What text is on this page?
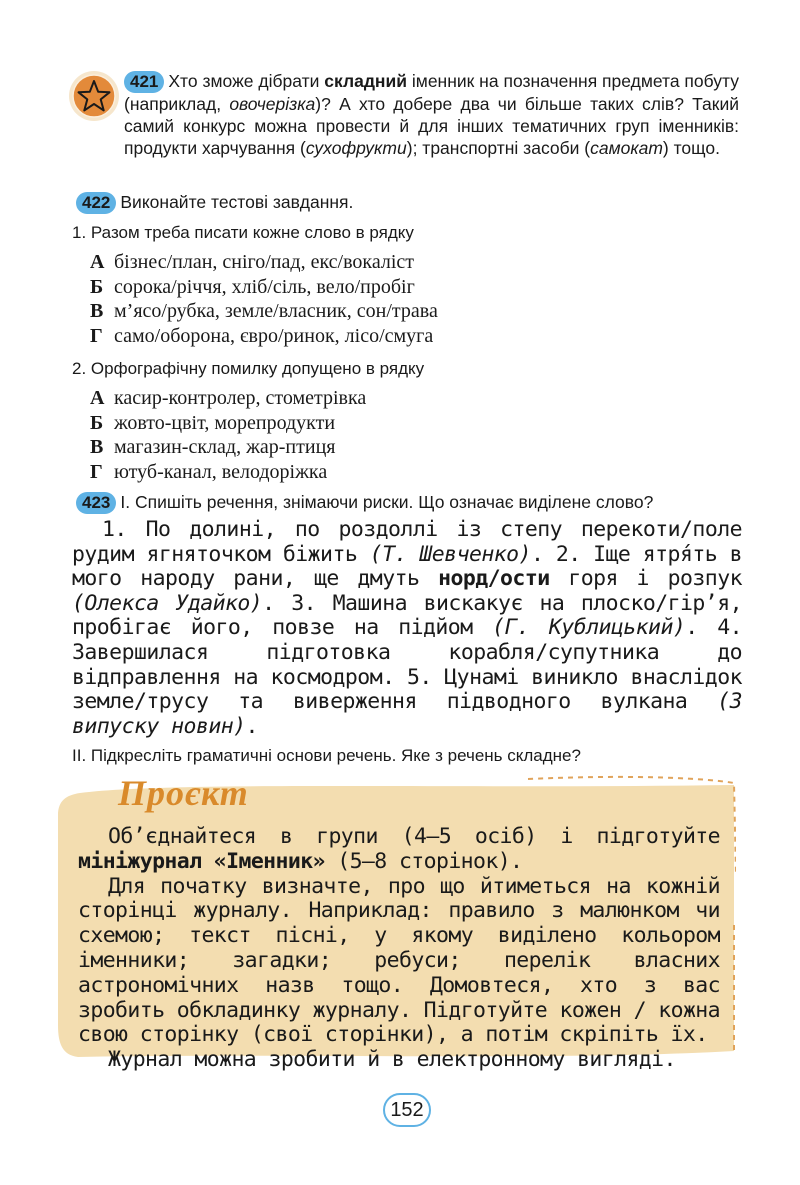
421 Хто зможе дібрати складний іменник на позначення предмета побуту (наприклад, овочерізка)? А хто добере два чи більше таких слів? Такий самий конкурс можна провести й для інших тематичних груп іменників: продукти харчування (сухофрукти); транспортні засоби (самокат) тощо.
422 Виконайте тестові завдання.
1. Разом треба писати кожне слово в рядку
А бізнес/план, сніго/пад, екс/вокаліст
Б сорока/річчя, хліб/сіль, вело/пробіг
В м’ясо/рубка, земле/власник, сон/трава
Г само/оборона, євро/ринок, лісо/смуга
2. Орфографічну помилку допущено в рядку
А касир-контролер, стометрівка
Б жовто-цвіт, морепродукти
В магазин-склад, жар-птиця
Г ютуб-канал, велодоріжка
423 І. Спишіть речення, знімаючи риски. Що означає виділене слово?
1. По долині, по роздоллі із степу перекоти/поле рудим ягняточком біжить (Т. Шевченко). 2. Іще ятря́ть в мого народу рани, ще дмуть норд/ости горя і розпук (Олекса Удайко). 3. Машина вискакує на плоско/гір’я, пробігає його, повзе на підйом (Г. Кублицький). 4. Завершилася підготовка корабля/супутника до відправлення на космодром. 5. Цунамі виникло внаслідок земле/трусу та виверження підводного вулкана (З випуску новин).
ІІ. Підкресліть граматичні основи речень. Яке з речень складне?
Проєкт
Об’єднайтеся в групи (4–5 осіб) і підготуйте мініжурнал «Іменник» (5–8 сторінок).
Для початку визначте, про що йтиметься на кожній сторінці журналу. Наприклад: правило з малюнком чи схемою; текст пісні, у якому виділено кольором іменники; загадки; ребуси; перелік власних астрономічних назв тощо. Домовтеся, хто з вас зробить обкладинку журналу. Підготуйте кожен / кожна свою сторінку (свої сторінки), а потім скріпіть їх.
Журнал можна зробити й в електронному вигляді.
152
